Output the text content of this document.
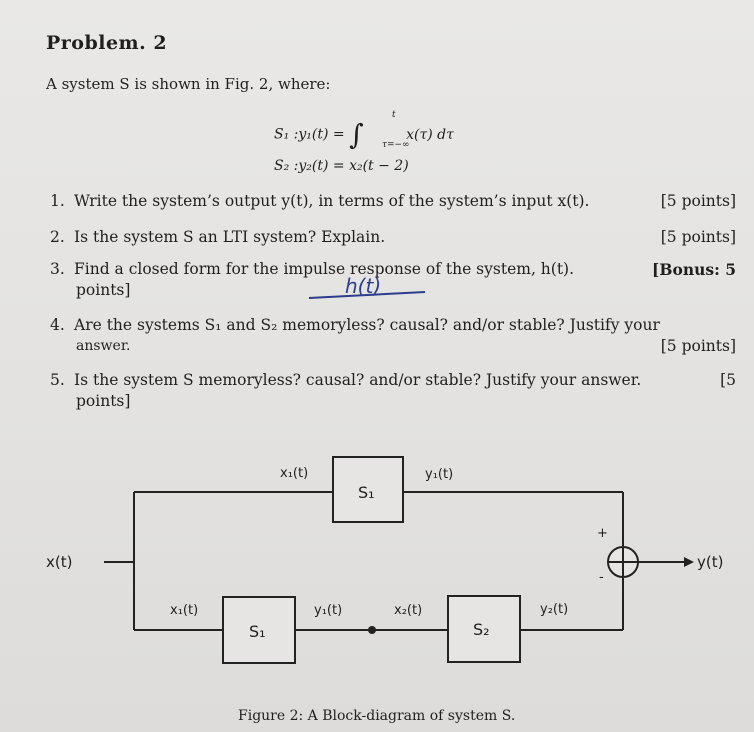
Problem. 2
A system S is shown in Fig. 2, where:
S₁ :y₁(t) = ∫
t
τ=−∞
x(τ) dτ
S₂ :y₂(t) = x₂(t − 2)
1. Write the system’s output y(t), in terms of the system’s input x(t).	[5 points]
2. Is the system S an LTI system? Explain.	[5 points]
3. Find a closed form for the impulse response of the system, h(t).	[Bonus: 5
points]	h(t)
4. Are the systems S₁ and S₂ memoryless? causal? and/or stable? Justify your
answer.	[5 points]
5. Is the system S memoryless? causal? and/or stable? Justify your answer.	[5
points]
x(t)	y(t)
x₁(t)	y₁(t)
S₁
x₁(t)
S₁
y₁(t)	x₂(t)
S₂
y₂(t)
+
-
Figure 2: A Block-diagram of system S.
